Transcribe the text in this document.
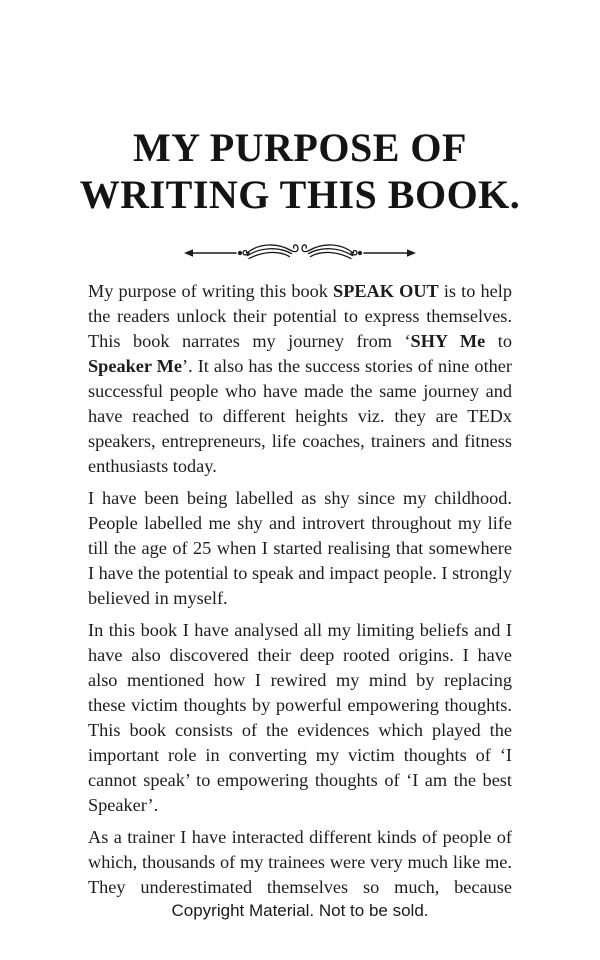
MY PURPOSE OF
WRITING THIS BOOK.

My purpose of writing this book SPEAK OUT is to help the readers unlock their potential to express themselves. This book narrates my journey from ‘SHY Me to Speaker Me’. It also has the success stories of nine other successful people who have made the same journey and have reached to different heights viz. they are TEDx speakers, entrepreneurs, life coaches, trainers and fitness enthusiasts today.

I have been being labelled as shy since my childhood. People labelled me shy and introvert throughout my life till the age of 25 when I started realising that somewhere I have the potential to speak and impact people. I strongly believed in myself.

In this book I have analysed all my limiting beliefs and I have also discovered their deep rooted origins. I have also mentioned how I rewired my mind by replacing these victim thoughts by powerful empowering thoughts. This book consists of the evidences which played the important role in converting my victim thoughts of ‘I cannot speak’ to empowering thoughts of ‘I am the best Speaker’.

As a trainer I have interacted different kinds of people of which, thousands of my trainees were very much like me. They underestimated themselves so much, because

Copyright Material. Not to be sold.
